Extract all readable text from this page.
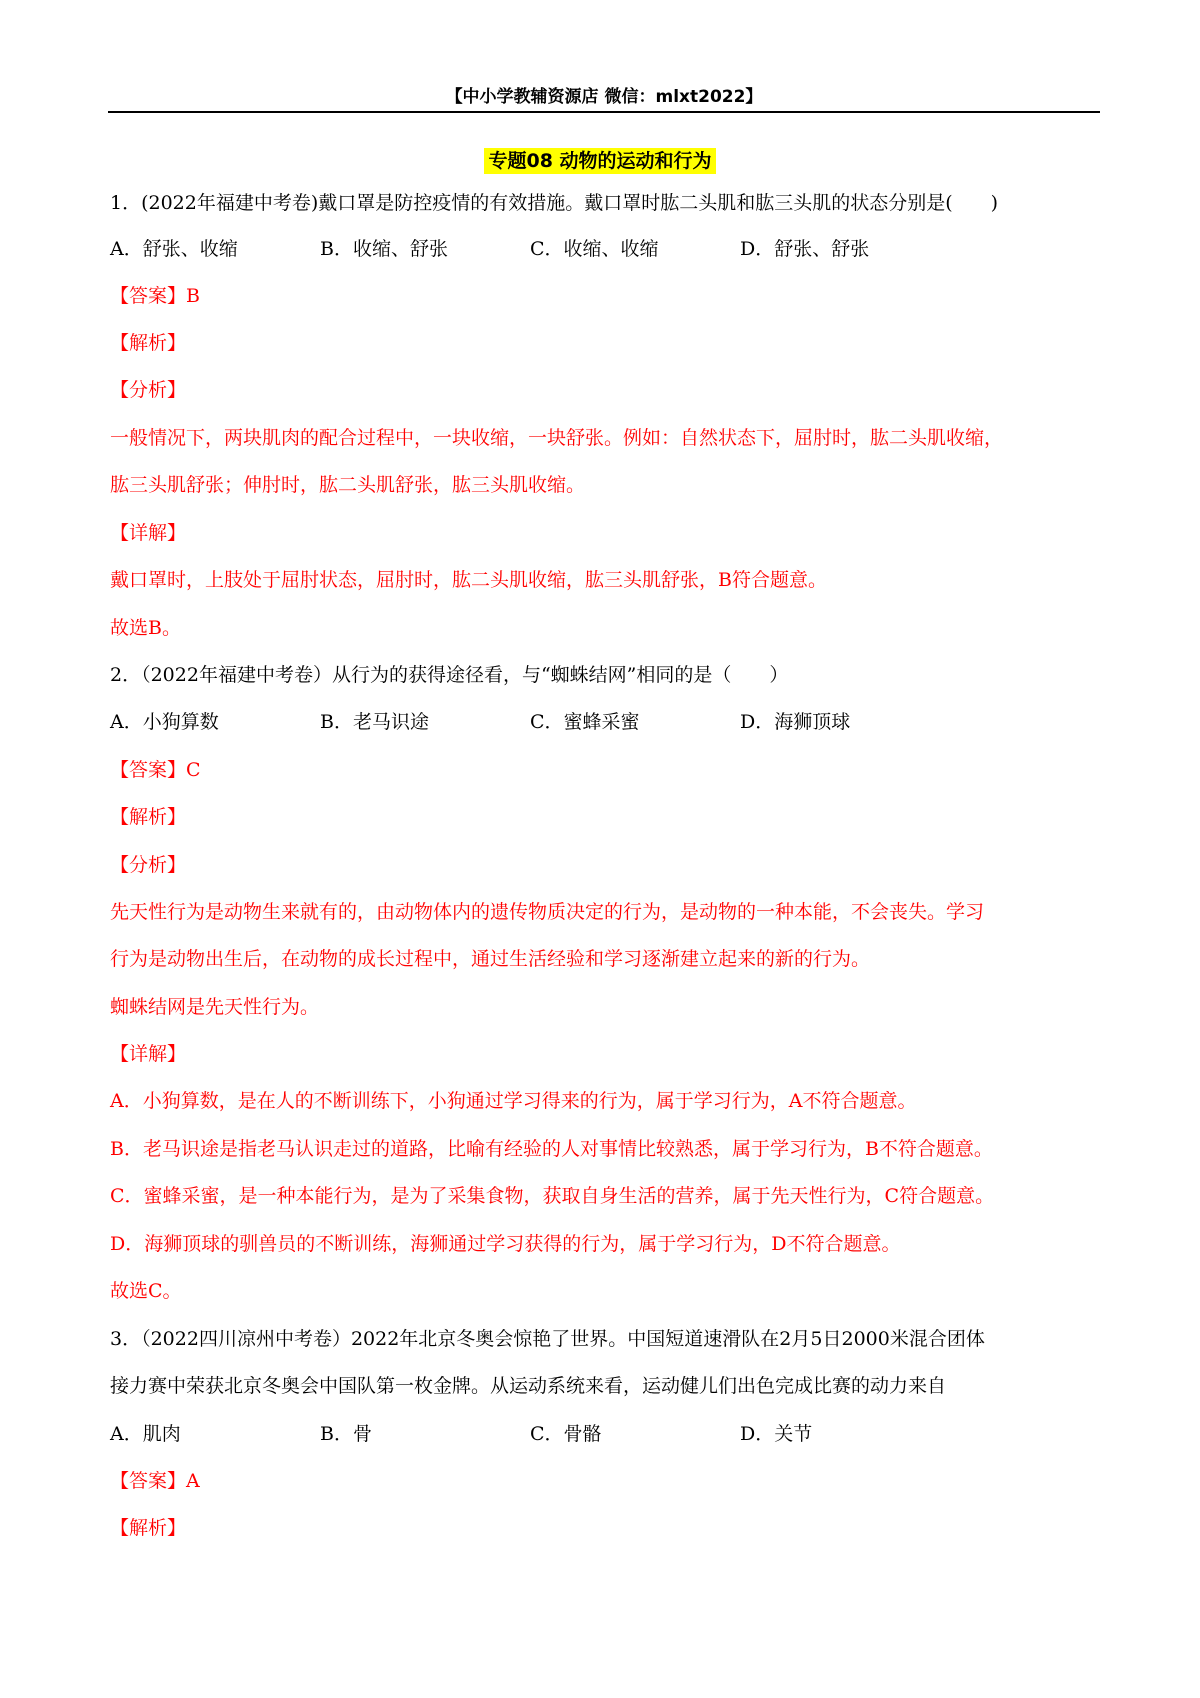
【中小学教辅资源店 微信：mlxt2022】
专题08 动物的运动和行为
1．(2022年福建中考卷)戴口罩是防控疫情的有效措施。戴口罩时肱二头肌和肱三头肌的状态分别是(　　)
A．舒张、收缩	B．收缩、舒张	C．收缩、收缩	D．舒张、舒张
【答案】B
【解析】
【分析】
一般情况下，两块肌肉的配合过程中，一块收缩，一块舒张。例如：自然状态下，屈肘时，肱二头肌收缩，
肱三头肌舒张；伸肘时，肱二头肌舒张，肱三头肌收缩。
【详解】
戴口罩时，上肢处于屈肘状态，屈肘时，肱二头肌收缩，肱三头肌舒张，B符合题意。
故选B。
2．（2022年福建中考卷）从行为的获得途径看，与“蜘蛛结网”相同的是（　　）
A．小狗算数	B．老马识途	C．蜜蜂采蜜	D．海狮顶球
【答案】C
【解析】
【分析】
先天性行为是动物生来就有的，由动物体内的遗传物质决定的行为，是动物的一种本能，不会丧失。学习
行为是动物出生后，在动物的成长过程中，通过生活经验和学习逐渐建立起来的新的行为。
蜘蛛结网是先天性行为。
【详解】
A．小狗算数，是在人的不断训练下，小狗通过学习得来的行为，属于学习行为，A不符合题意。
B．老马识途是指老马认识走过的道路，比喻有经验的人对事情比较熟悉，属于学习行为，B不符合题意。
C．蜜蜂采蜜，是一种本能行为，是为了采集食物，获取自身生活的营养，属于先天性行为，C符合题意。
D．海狮顶球的驯兽员的不断训练，海狮通过学习获得的行为，属于学习行为，D不符合题意。
故选C。
3．（2022四川凉州中考卷）2022年北京冬奥会惊艳了世界。中国短道速滑队在2月5日2000米混合团体
接力赛中荣获北京冬奥会中国队第一枚金牌。从运动系统来看，运动健儿们出色完成比赛的动力来自
A．肌肉	B．骨	C．骨骼	D．关节
【答案】A
【解析】
